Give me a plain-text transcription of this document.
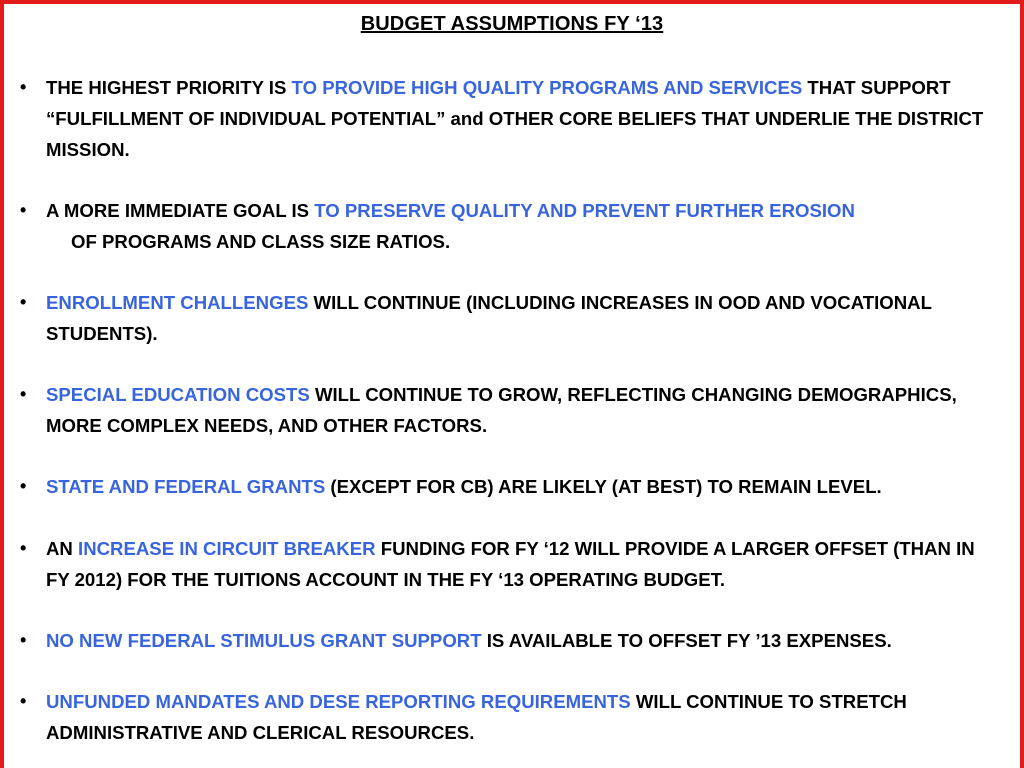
BUDGET ASSUMPTIONS FY ‘13
•	THE HIGHEST PRIORITY IS TO PROVIDE HIGH QUALITY PROGRAMS AND SERVICES THAT SUPPORT “FULFILLMENT OF INDIVIDUAL POTENTIAL” and OTHER CORE BELIEFS THAT UNDERLIE THE DISTRICT MISSION.
•	A MORE IMMEDIATE GOAL IS TO PRESERVE QUALITY AND PREVENT FURTHER EROSION
OF PROGRAMS AND CLASS SIZE RATIOS.
•	ENROLLMENT CHALLENGES WILL CONTINUE (INCLUDING INCREASES IN OOD AND VOCATIONAL STUDENTS).
•	SPECIAL EDUCATION COSTS WILL CONTINUE TO GROW, REFLECTING CHANGING DEMOGRAPHICS, MORE COMPLEX NEEDS, AND OTHER FACTORS.
•	STATE AND FEDERAL GRANTS (EXCEPT FOR CB) ARE LIKELY (AT BEST) TO REMAIN LEVEL.
•	AN INCREASE IN CIRCUIT BREAKER FUNDING FOR FY ‘12 WILL PROVIDE A LARGER OFFSET (THAN IN FY 2012) FOR THE TUITIONS ACCOUNT IN THE FY ‘13 OPERATING BUDGET.
•	NO NEW FEDERAL STIMULUS GRANT SUPPORT IS AVAILABLE TO OFFSET FY ’13 EXPENSES.
•	UNFUNDED MANDATES AND DESE REPORTING REQUIREMENTS WILL CONTINUE TO STRETCH ADMINISTRATIVE AND CLERICAL RESOURCES.
